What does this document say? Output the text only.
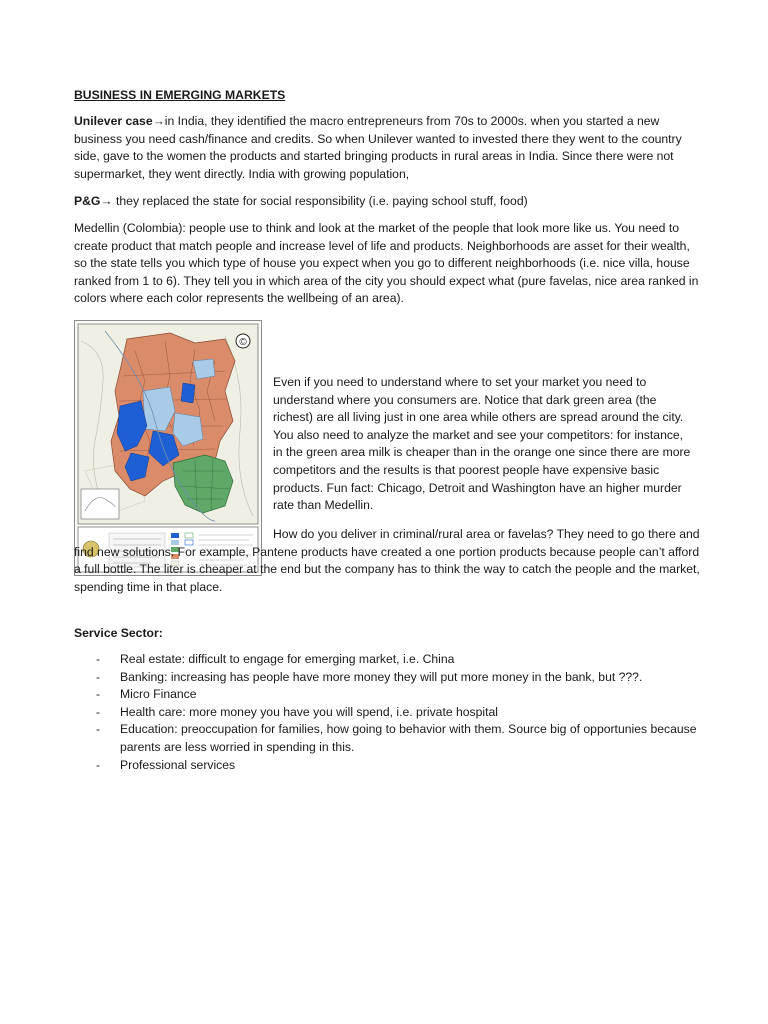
BUSINESS IN EMERGING MARKETS

Unilever case→in India, they identified the macro entrepreneurs from 70s to 2000s. when you started a new business you need cash/finance and credits. So when Unilever wanted to invested there they went to the country side, gave to the women the products and started bringing products in rural areas in India. Since there were not supermarket, they went directly. India with growing population,

P&G→ they replaced the state for social responsibility (i.e. paying school stuff, food)

Medellin (Colombia): people use to think and look at the market of the people that look more like us. You need to create product that match people and increase level of life and products. Neighborhoods are asset for their wealth, so the state tells you which type of house you expect when you go to different neighborhoods (i.e. nice villa, house ranked from 1 to 6). They tell you in which area of the city you should expect what (pure favelas, nice area ranked in colors where each color represents the wellbeing of an area).

©

Even if you need to understand where to set your market you need to understand where you consumers are. Notice that dark green area (the richest) are all living just in one area while others are spread around the city. You also need to analyze the market and see your competitors: for instance, in the green area milk is cheaper than in the orange one since there are more competitors and the results is that poorest people have expensive basic products. Fun fact: Chicago, Detroit and Washington have an higher murder rate than Medellin.

How do you deliver in criminal/rural area or favelas? They need to go there and find new solutions. For example, Pantene products have created a one portion products because people can’t afford a full bottle. The liter is cheaper at the end but the company has to think the way to catch the people and the market, spending time in that place.

Service Sector:
- Real estate: difficult to engage for emerging market, i.e. China
- Banking: increasing has people have more money they will put more money in the bank, but ???.
- Micro Finance
- Health care: more money you have you will spend, i.e. private hospital
- Education: preoccupation for families, how going to behavior with them. Source big of opportunies because parents are less worried in spending in this.
- Professional services
